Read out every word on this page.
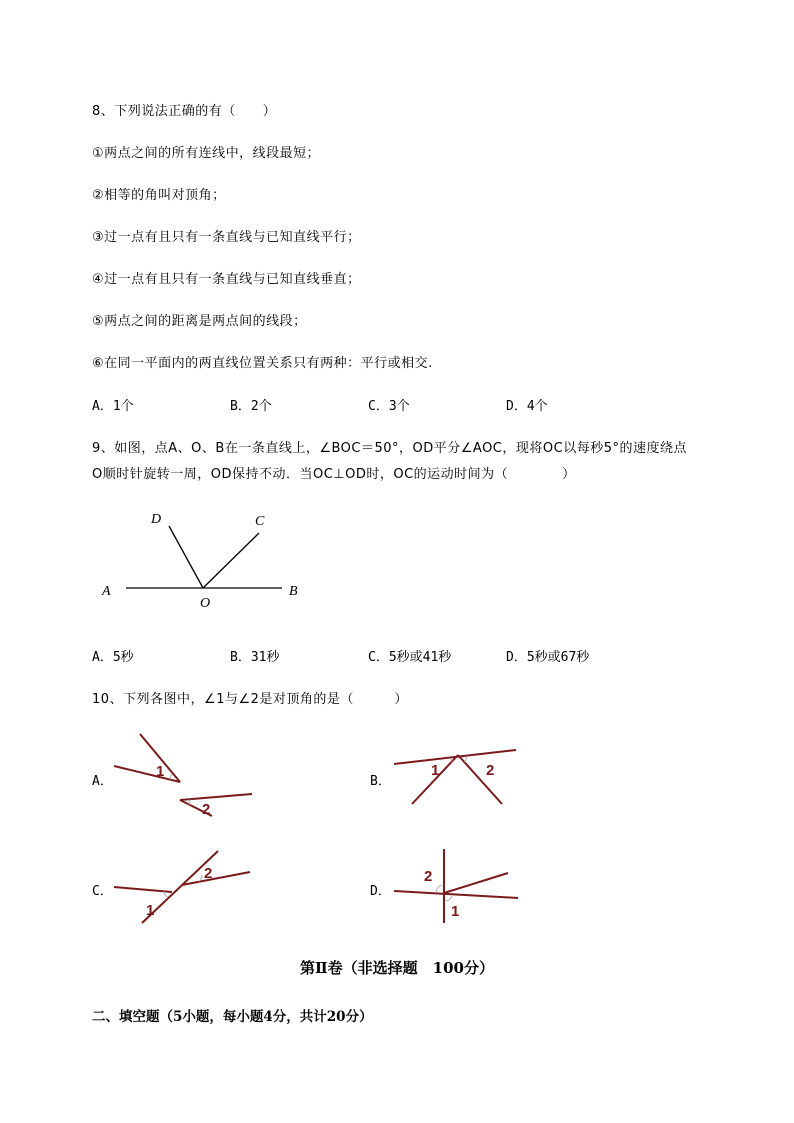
8、下列说法正确的有（　　）
①两点之间的所有连线中，线段最短；
②相等的角叫对顶角；
③过一点有且只有一条直线与已知直线平行；
④过一点有且只有一条直线与已知直线垂直；
⑤两点之间的距离是两点间的线段；
⑥在同一平面内的两直线位置关系只有两种：平行或相交.
A．1个	B．2个	C．3个	D．4个
9、如图，点A、O、B在一条直线上，∠BOC＝50°，OD平分∠AOC，现将OC以每秒5°的速度绕点
O顺时针旋转一周，OD保持不动．当OC⊥OD时，OC的运动时间为（　　　　）
A	B
C
D
O
A．5秒	B．31秒	C．5秒或41秒	D．5秒或67秒
10、下列各图中，∠1与∠2是对顶角的是（　　　）
A．
1
2
B．
1	2
C．
1
2
D．
2
1
第Ⅱ卷（非选择题　100分）
二、填空题（5小题，每小题4分，共计20分）
